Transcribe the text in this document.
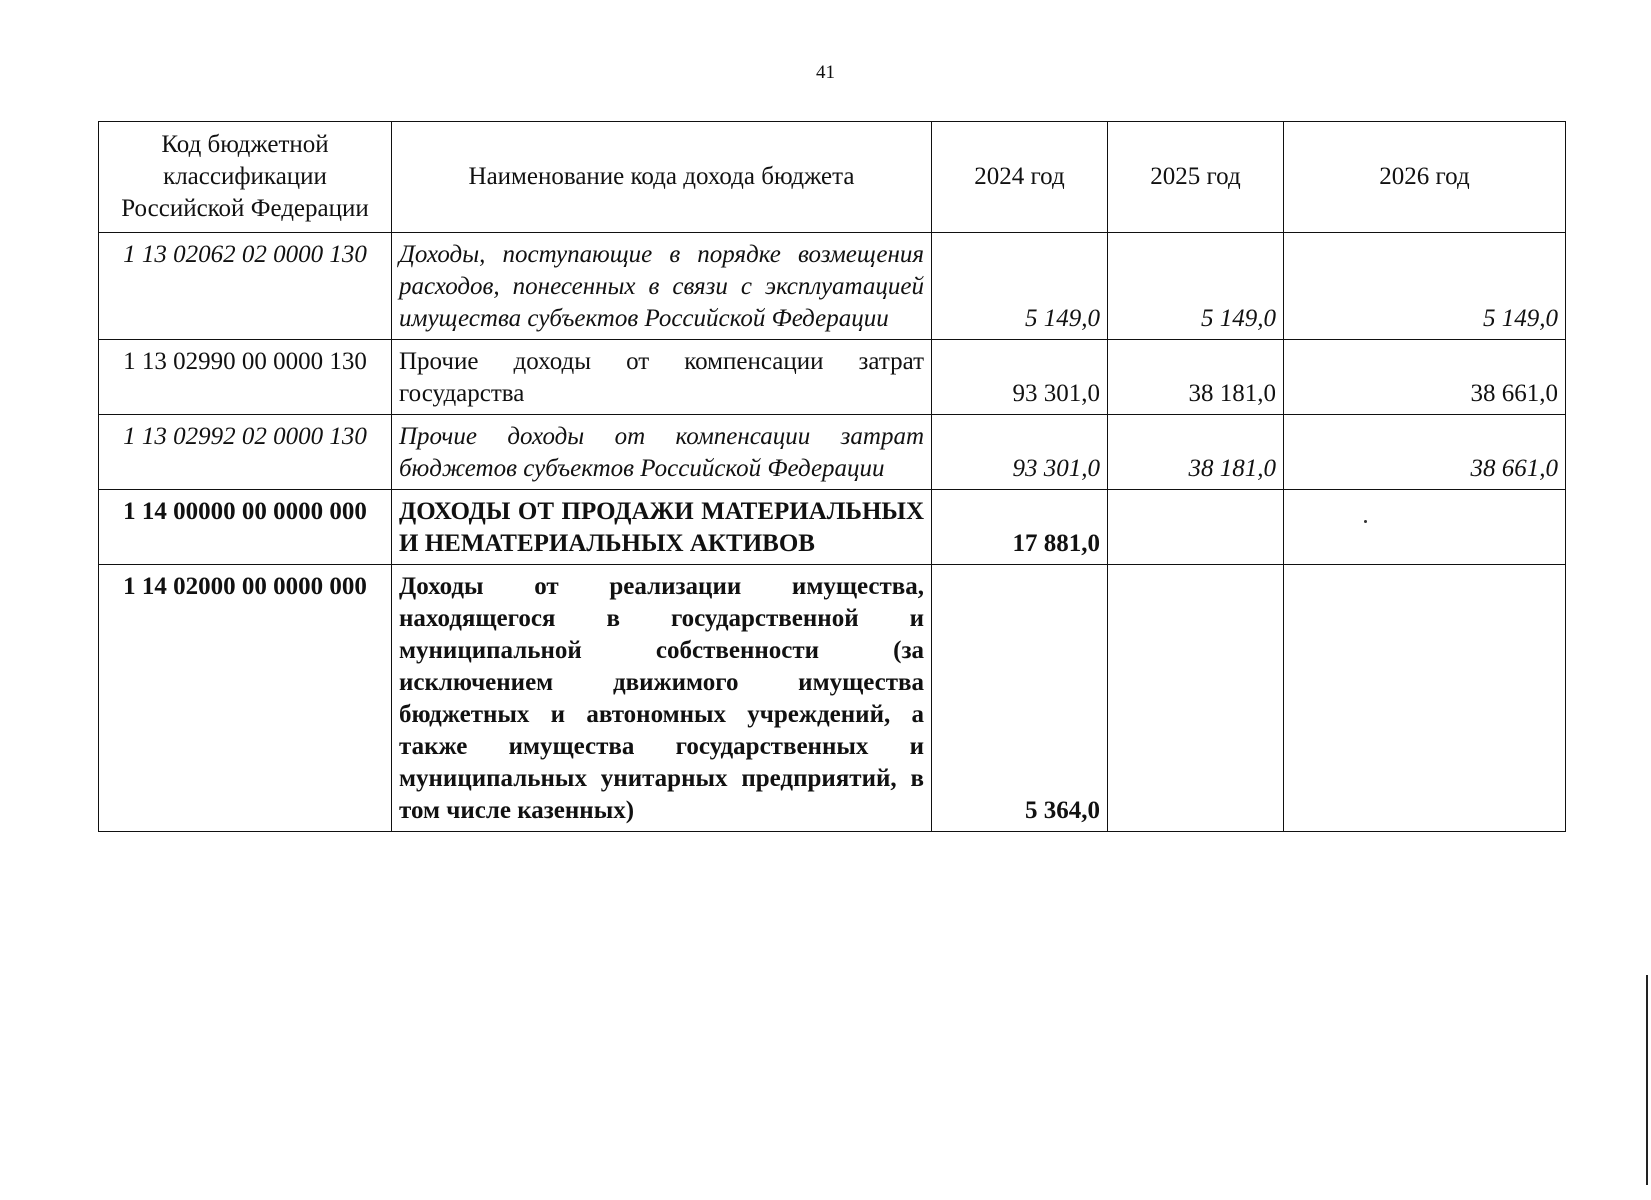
41
Код бюджетной классификации Российской Федерации	Наименование кода дохода бюджета	2024 год	2025 год	2026 год
1 13 02062 02 0000 130	Доходы, поступающие в порядке возмещения расходов, понесенных в связи с эксплуатацией имущества субъектов Российской Федерации	5 149,0	5 149,0	5 149,0
1 13 02990 00 0000 130	Прочие доходы от компенсации затрат государства	93 301,0	38 181,0	38 661,0
1 13 02992 02 0000 130	Прочие доходы от компенсации затрат бюджетов субъектов Российской Федерации	93 301,0	38 181,0	38 661,0
1 14 00000 00 0000 000	ДОХОДЫ ОТ ПРОДАЖИ МАТЕРИАЛЬНЫХ И НЕМАТЕРИАЛЬНЫХ АКТИВОВ	17 881,0		
1 14 02000 00 0000 000	Доходы от реализации имущества, находящегося в государственной и муниципальной собственности (за исключением движимого имущества бюджетных и автономных учреждений, а также имущества государственных и муниципальных унитарных предприятий, в том числе казенных)	5 364,0		
